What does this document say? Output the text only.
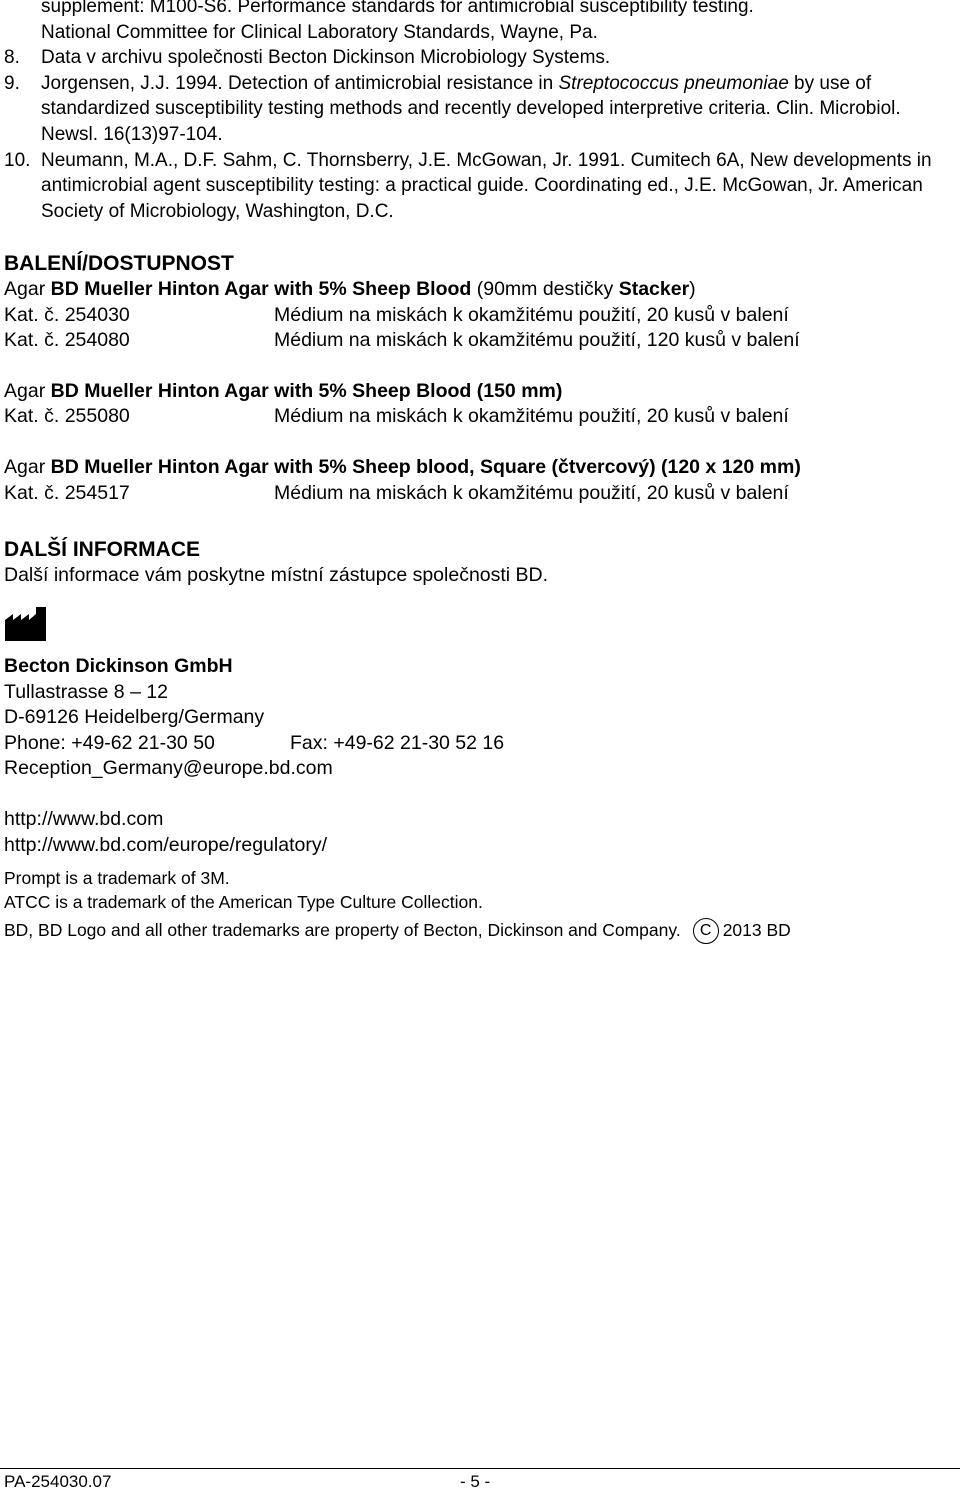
supplement: M100-S6. Performance standards for antimicrobial susceptibility testing.
National Committee for Clinical Laboratory Standards, Wayne, Pa.
8. Data v archivu společnosti Becton Dickinson Microbiology Systems.
9. Jorgensen, J.J. 1994. Detection of antimicrobial resistance in Streptococcus pneumoniae by use of standardized susceptibility testing methods and recently developed interpretive criteria. Clin. Microbiol. Newsl. 16(13)97-104.
10. Neumann, M.A., D.F. Sahm, C. Thornsberry, J.E. McGowan, Jr. 1991. Cumitech 6A, New developments in antimicrobial agent susceptibility testing: a practical guide. Coordinating ed., J.E. McGowan, Jr. American Society of Microbiology, Washington, D.C.
BALENÍ/DOSTUPNOST
Agar BD Mueller Hinton Agar with 5% Sheep Blood (90mm destičky Stacker)
Kat. č. 254030	Médium na miskách k okamžitému použití, 20 kusů v balení
Kat. č. 254080	Médium na miskách k okamžitému použití, 120 kusů v balení
Agar BD Mueller Hinton Agar with 5% Sheep Blood (150 mm)
Kat. č. 255080	Médium na miskách k okamžitému použití, 20 kusů v balení
Agar BD Mueller Hinton Agar with 5% Sheep blood, Square (čtvercový) (120 x 120 mm)
Kat. č. 254517	Médium na miskách k okamžitému použití, 20 kusů v balení
DALŠÍ INFORMACE
Další informace vám poskytne místní zástupce společnosti BD.
Becton Dickinson GmbH
Tullastrasse 8 – 12
D-69126 Heidelberg/Germany
Phone: +49-62 21-30 50	Fax: +49-62 21-30 52 16
Reception_Germany@europe.bd.com
http://www.bd.com
http://www.bd.com/europe/regulatory/
Prompt is a trademark of 3M.
ATCC is a trademark of the American Type Culture Collection.
BD, BD Logo and all other trademarks are property of Becton, Dickinson and Company. C 2013 BD
PA-254030.07	- 5 -
